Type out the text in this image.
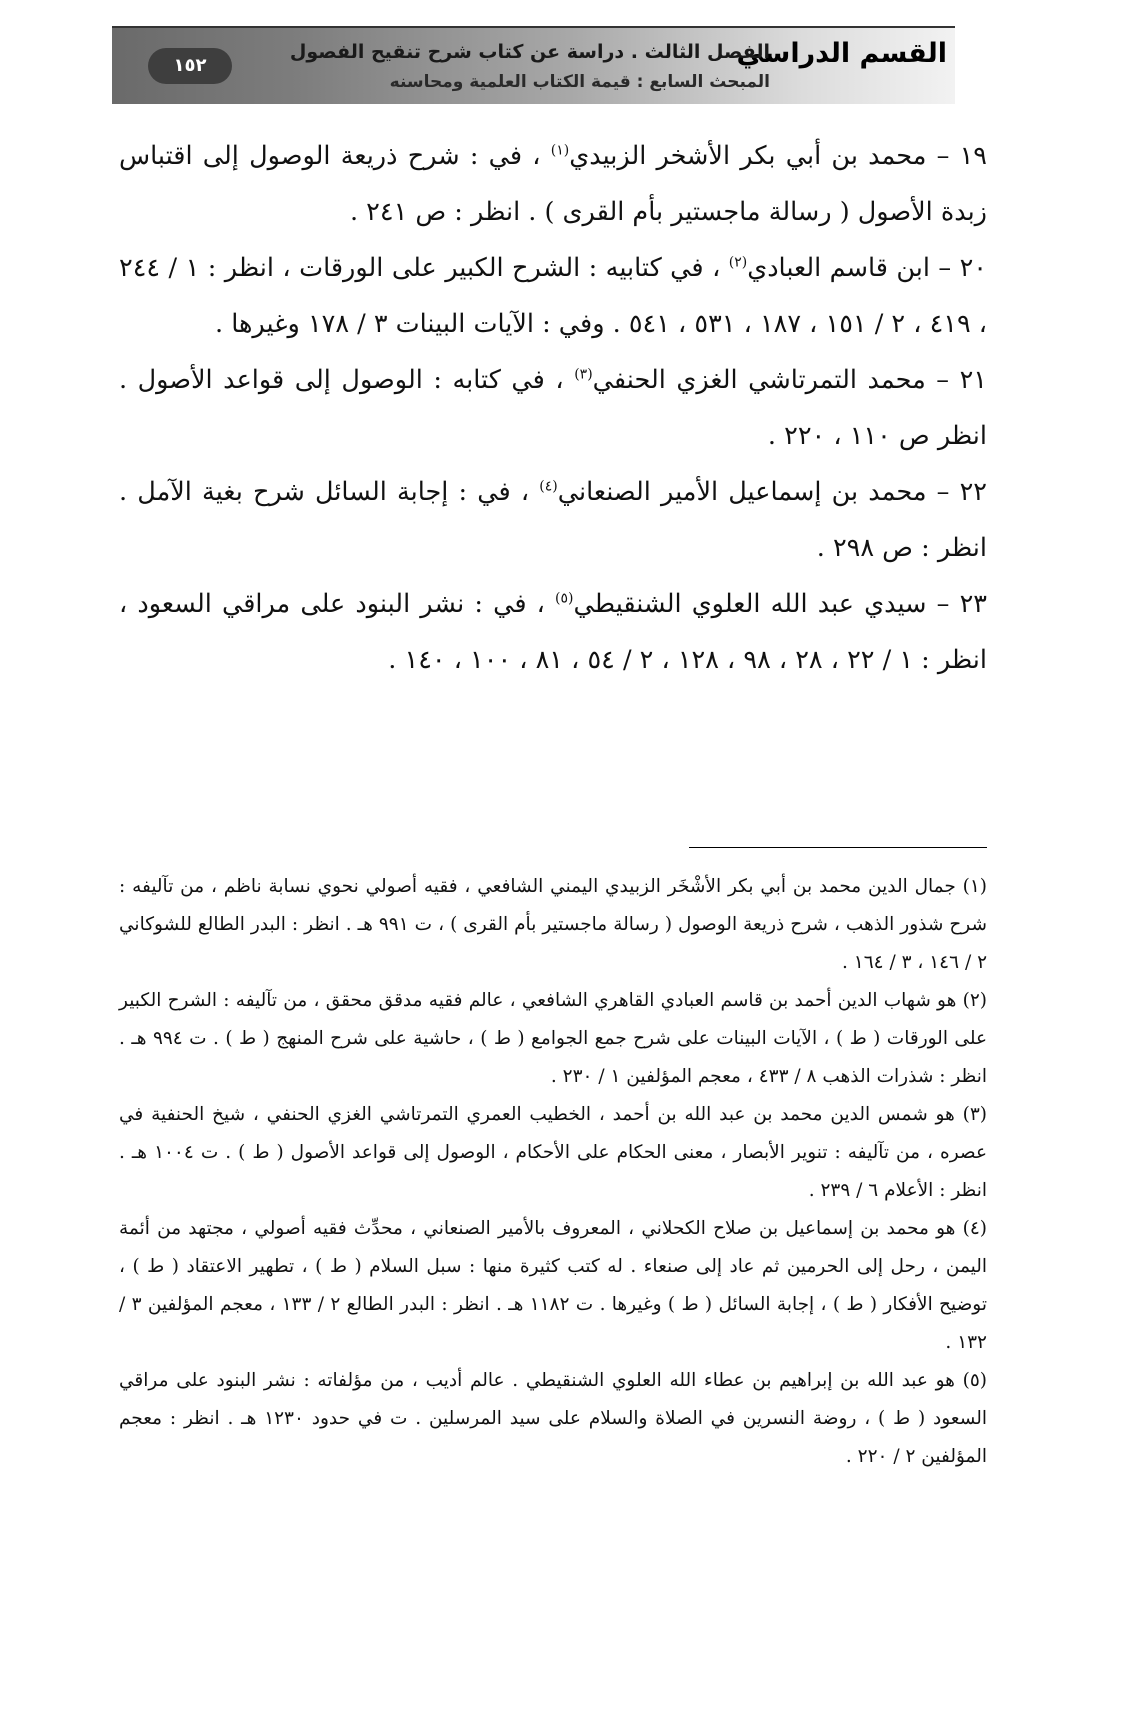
القسم الدراسي
الفصل الثالث . دراسة عن كتاب شرح تنقيح الفصول
المبحث السابع : قيمة الكتاب العلمية ومحاسنه
١٥٢

١٩ – محمد بن أبي بكر الأشخر الزبيدي$^{(١)}$ ، في : شرح ذريعة الوصول إلى اقتباس زبدة الأصول ( رسالة ماجستير بأم القرى ) . انظر : ص ٢٤١ .

٢٠ – ابن قاسم العبادي$^{(٢)}$ ، في كتابيه : الشرح الكبير على الورقات ، انظر : ١ / ٢٤٤ ، ٤١٩ ، ٢ / ١٥١ ، ١٨٧ ، ٥٣١ ، ٥٤١ . وفي : الآيات البينات ٣ / ١٧٨ وغيرها .

٢١ – محمد التمرتاشي الغزي الحنفي$^{(٣)}$ ، في كتابه : الوصول إلى قواعد الأصول . انظر ص ١١٠ ، ٢٢٠ .

٢٢ – محمد بن إسماعيل الأمير الصنعاني$^{(٤)}$ ، في : إجابة السائل شرح بغية الآمل . انظر : ص ٢٩٨ .

٢٣ – سيدي عبد الله العلوي الشنقيطي$^{(٥)}$ ، في : نشر البنود على مراقي السعود ، انظر : ١ / ٢٢ ، ٢٨ ، ٩٨ ، ١٢٨ ، ٢ / ٥٤ ، ٨١ ، ١٠٠ ، ١٤٠ .

(١) جمال الدين محمد بن أبي بكر الأشْخَر الزبيدي اليمني الشافعي ، فقيه أصولي نحوي نسابة ناظم ، من تآليفه : شرح شذور الذهب ، شرح ذريعة الوصول ( رسالة ماجستير بأم القرى ) ، ت ٩٩١ هـ . انظر : البدر الطالع للشوكاني ٢ / ١٤٦ ، ٣ / ١٦٤ .

(٢) هو شهاب الدين أحمد بن قاسم العبادي القاهري الشافعي ، عالم فقيه مدقق محقق ، من تآليفه : الشرح الكبير على الورقات ( ط ) ، الآيات البينات على شرح جمع الجوامع ( ط ) ، حاشية على شرح المنهج ( ط ) . ت ٩٩٤ هـ . انظر : شذرات الذهب ٨ / ٤٣٣ ، معجم المؤلفين ١ / ٢٣٠ .

(٣) هو شمس الدين محمد بن عبد الله بن أحمد ، الخطيب العمري التمرتاشي الغزي الحنفي ، شيخ الحنفية في عصره ، من تآليفه : تنوير الأبصار ، معنى الحكام على الأحكام ، الوصول إلى قواعد الأصول ( ط ) . ت ١٠٠٤ هـ . انظر : الأعلام ٦ / ٢٣٩ .

(٤) هو محمد بن إسماعيل بن صلاح الكحلاني ، المعروف بالأمير الصنعاني ، محدِّث فقيه أصولي ، مجتهد من أئمة اليمن ، رحل إلى الحرمين ثم عاد إلى صنعاء . له كتب كثيرة منها : سبل السلام ( ط ) ، تطهير الاعتقاد ( ط ) ، توضيح الأفكار ( ط ) ، إجابة السائل ( ط ) وغيرها . ت ١١٨٢ هـ . انظر : البدر الطالع ٢ / ١٣٣ ، معجم المؤلفين ٣ / ١٣٢ .

(٥) هو عبد الله بن إبراهيم بن عطاء الله العلوي الشنقيطي . عالم أديب ، من مؤلفاته : نشر البنود على مراقي السعود ( ط ) ، روضة النسرين في الصلاة والسلام على سيد المرسلين . ت في حدود ١٢٣٠ هـ . انظر : معجم المؤلفين ٢ / ٢٢٠ .
